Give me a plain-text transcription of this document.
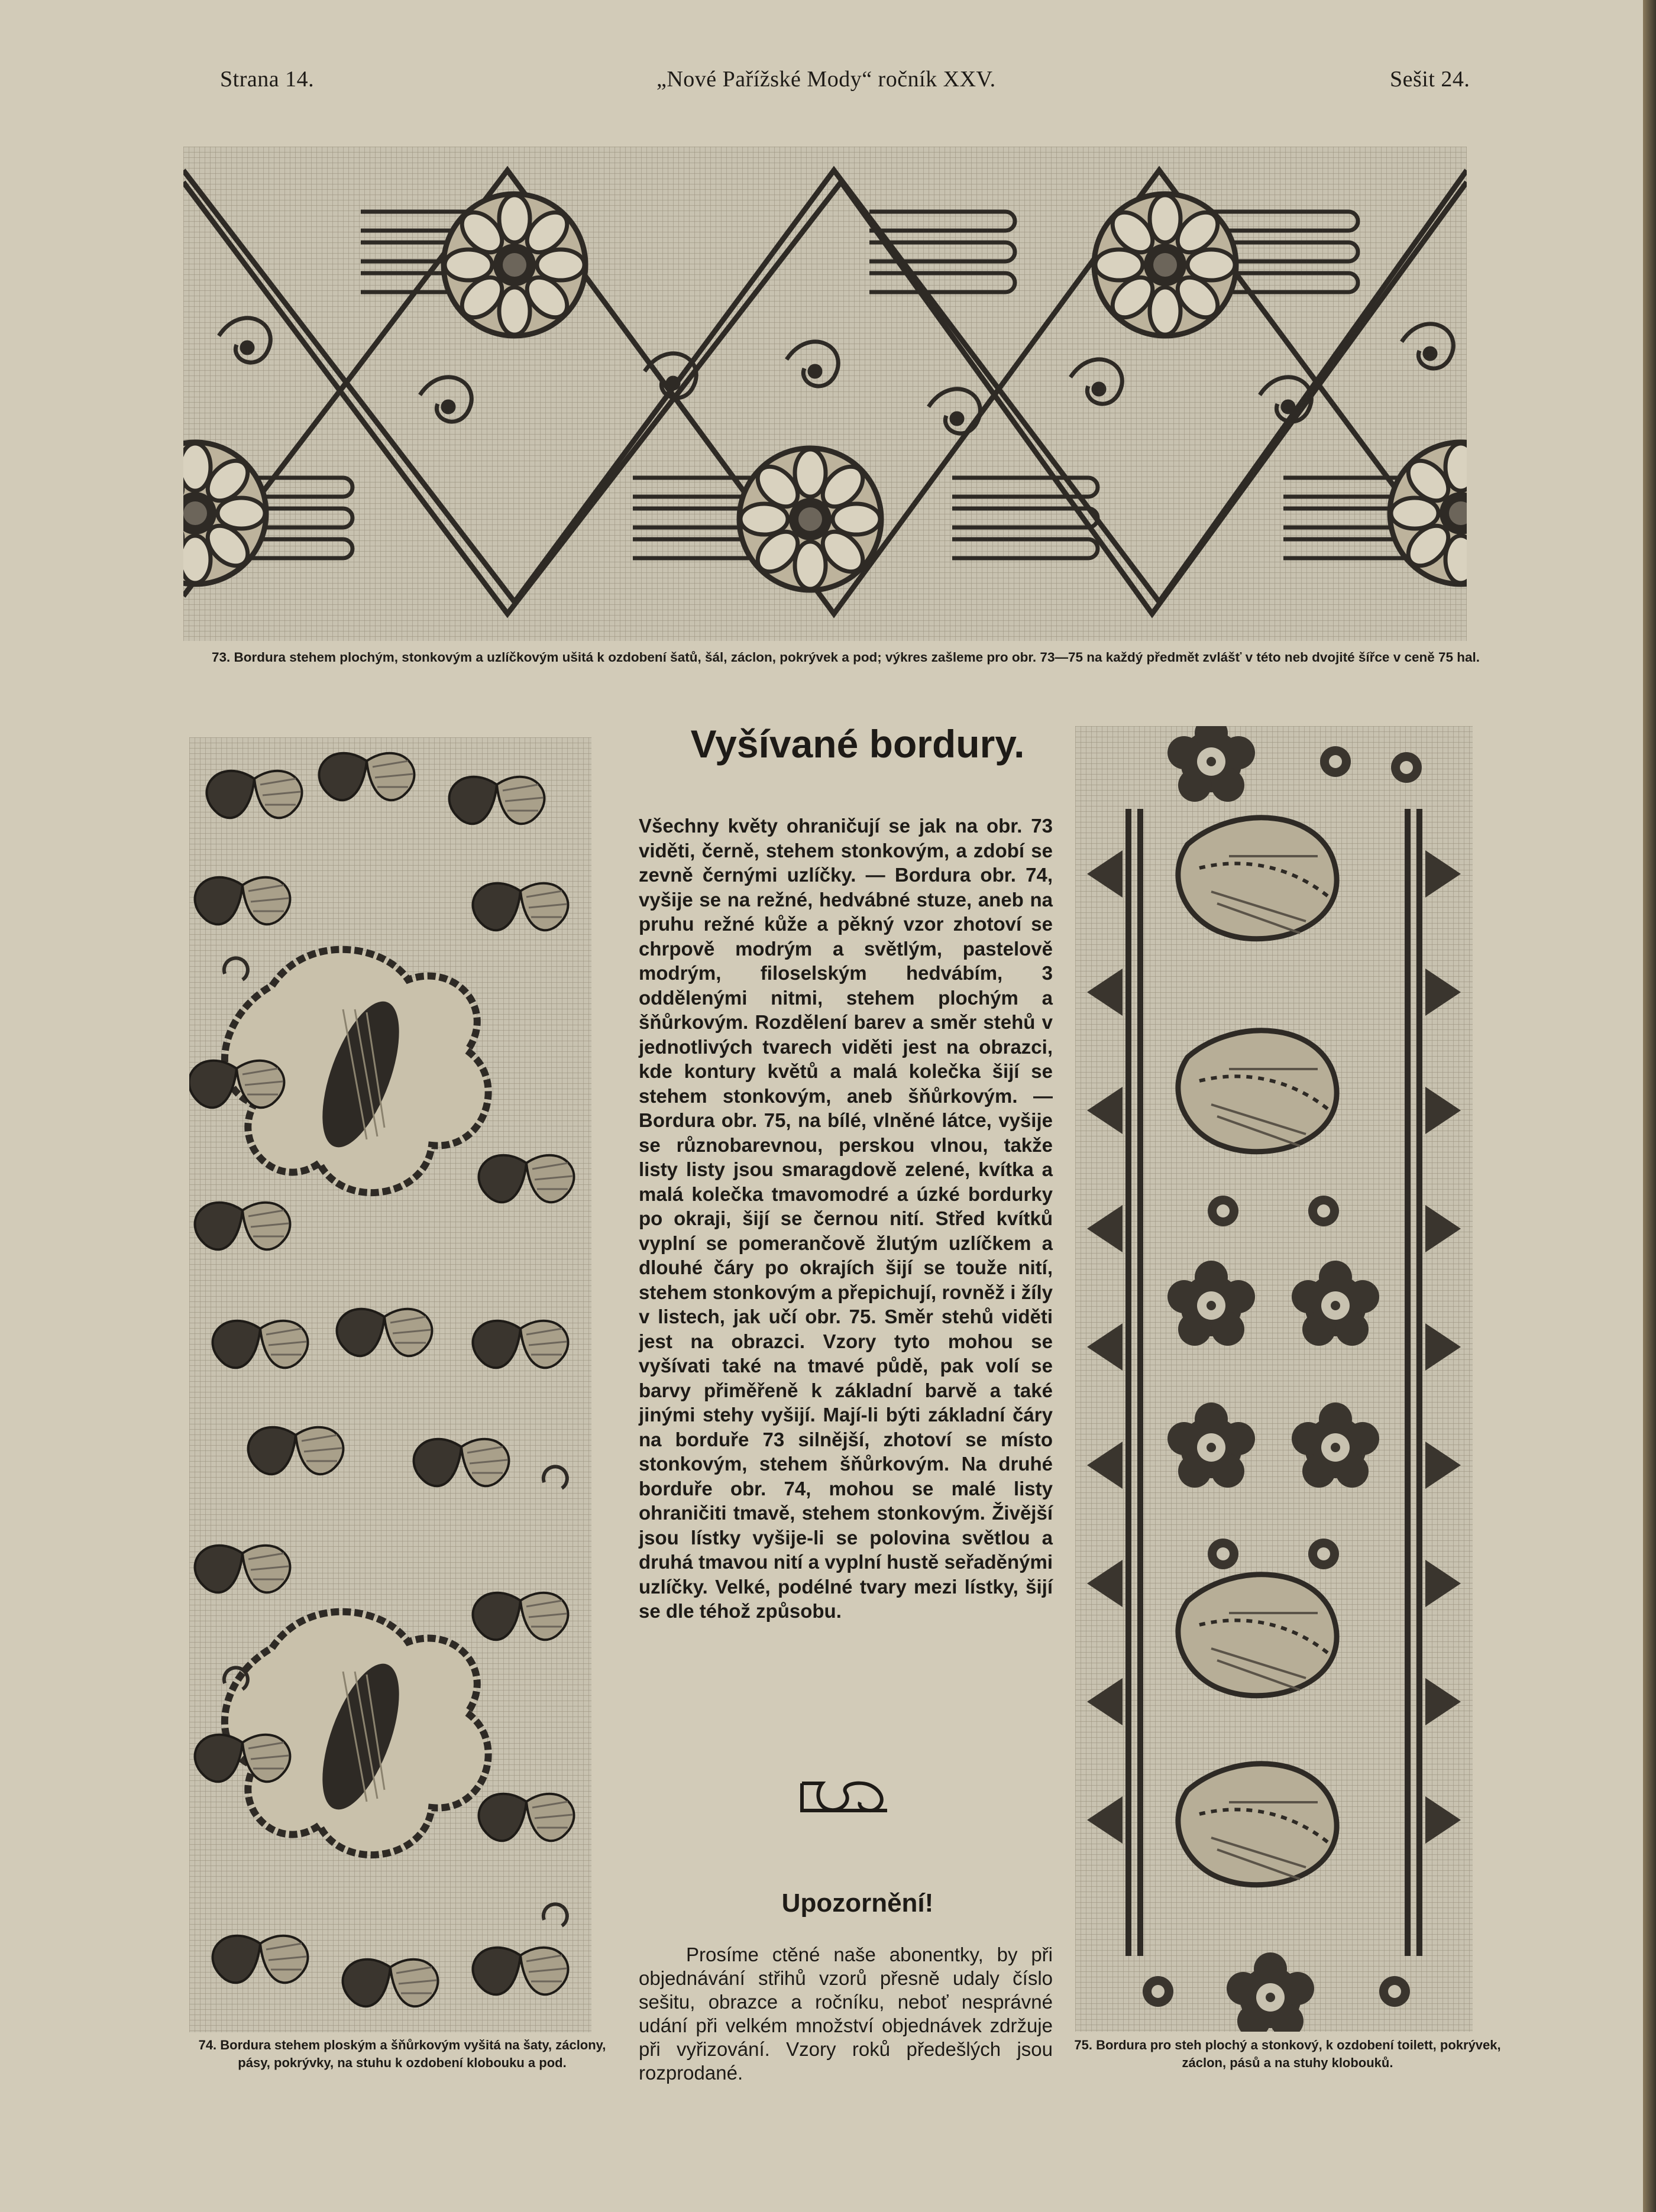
Strana 14.	„Nové Pařížské Mody“ ročník XXV.	Sešit 24.
73. Bordura stehem plochým, stonkovým a uzlíčkovým ušitá k ozdobení šatů, šál, záclon, pokrývek a pod; výkres zašleme pro obr. 73—75 na každý předmět zvlášť v této neb dvojité šířce v ceně 75 hal.
74. Bordura stehem ploským a šňůrkovým vyšitá na šaty, záclony, pásy, pokrývky, na stuhu k ozdobení klobouku a pod.
Vyšívané bordury.

Všechny květy ohraničují se jak na obr. 73 viděti, černě, stehem stonkovým, a zdobí se zevně černými uzlíčky. — Bordura obr. 74, vyšije se na režné, hedvábné stuze, aneb na pruhu režné kůže a pěkný vzor zhotoví se chrpově modrým a světlým, pastelově modrým, filoselským hedvábím, 3 oddělenými nitmi, stehem plochým a šňůrkovým. Rozdělení barev a směr stehů v jednotlivých tvarech viděti jest na obrazci, kde kontury květů a malá kolečka šijí se stehem stonkovým, aneb šňůrkovým. — Bordura obr. 75, na bílé, vlněné látce, vyšije se různobarevnou, perskou vlnou, takže listy listy jsou smaragdově zelené, kvítka a malá kolečka tmavomodré a úzké bordurky po okraji, šijí se černou nití. Střed kvítků vyplní se pomerančově žlutým uzlíčkem a dlouhé čáry po okrajích šijí se touže nití, stehem stonkovým a přepichují, rovněž i žíly v listech, jak učí obr. 75. Směr stehů viděti jest na obrazci. Vzory tyto mohou se vyšívati také na tmavé půdě, pak volí se barvy přiměřeně k základní barvě a také jinými stehy vyšijí. Mají-li býti základní čáry na borduře 73 silnější, zhotoví se místo stonkovým, stehem šňůrkovým. Na druhé borduře obr. 74, mohou se malé listy ohraničiti tmavě, stehem stonkovým. Živější jsou lístky vyšije-li se polovina světlou a druhá tmavou nití a vyplní hustě seřaděnými uzlíčky. Velké, podélné tvary mezi lístky, šijí se dle téhož způsobu.

Upozornění!

Prosíme ctěné naše abonentky, by při objednávání střihů vzorů přesně udaly číslo sešitu, obrazce a ročníku, neboť nesprávné udání při velkém množství objednávek zdržuje při vyřizování. Vzory roků předešlých jsou rozprodané.

75. Bordura pro steh plochý a stonkový, k ozdobení toilett, pokrývek, záclon, pásů a na stuhy klobouků.
